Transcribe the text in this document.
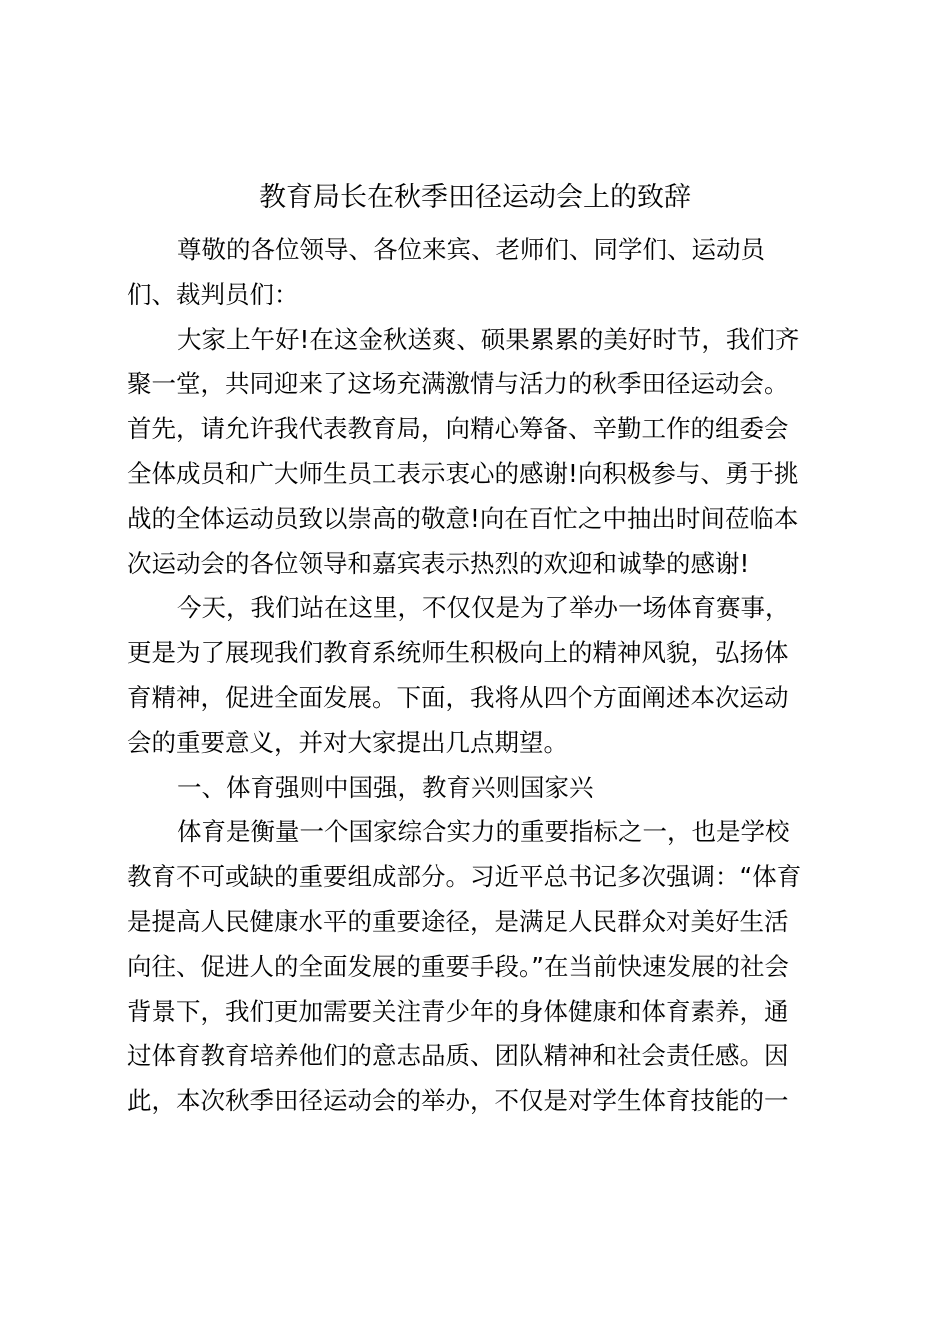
教育局长在秋季田径运动会上的致辞

尊敬的各位领导、各位来宾、老师们、同学们、运动员
们、裁判员们：

大家上午好!在这金秋送爽、硕果累累的美好时节，我们齐
聚一堂，共同迎来了这场充满激情与活力的秋季田径运动会。
首先，请允许我代表教育局，向精心筹备、辛勤工作的组委会
全体成员和广大师生员工表示衷心的感谢!向积极参与、勇于挑
战的全体运动员致以崇高的敬意!向在百忙之中抽出时间莅临本
次运动会的各位领导和嘉宾表示热烈的欢迎和诚挚的感谢!

今天，我们站在这里，不仅仅是为了举办一场体育赛事，
更是为了展现我们教育系统师生积极向上的精神风貌，弘扬体
育精神，促进全面发展。下面，我将从四个方面阐述本次运动
会的重要意义，并对大家提出几点期望。

一、体育强则中国强，教育兴则国家兴

体育是衡量一个国家综合实力的重要指标之一，也是学校
教育不可或缺的重要组成部分。习近平总书记多次强调：“体育
是提高人民健康水平的重要途径，是满足人民群众对美好生活
向往、促进人的全面发展的重要手段。”在当前快速发展的社会
背景下，我们更加需要关注青少年的身体健康和体育素养，通
过体育教育培养他们的意志品质、团队精神和社会责任感。因
此，本次秋季田径运动会的举办，不仅是对学生体育技能的一
